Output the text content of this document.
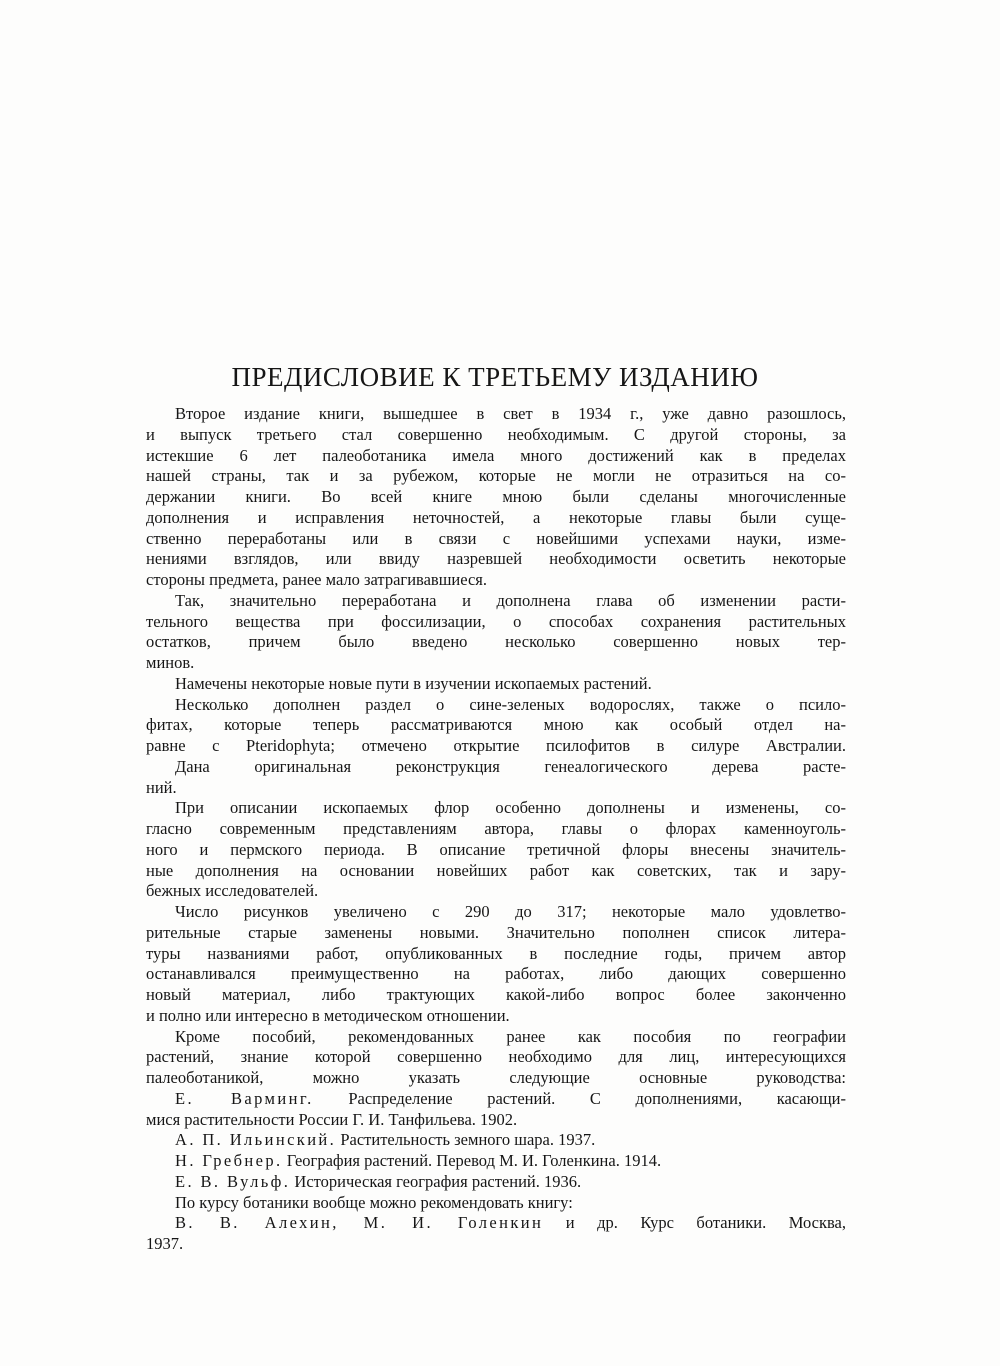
ПРЕДИСЛОВИЕ К ТРЕТЬЕМУ ИЗДАНИЮ
Второе издание книги, вышедшее в свет в 1934 г., уже давно разошлось,
и выпуск третьего стал совершенно необходимым. С другой стороны, за
истекшие 6 лет палеоботаника имела много достижений как в пределах
нашей страны, так и за рубежом, которые не могли не отразиться на со-
держании книги. Во всей книге мною были сделаны многочисленные
дополнения и исправления неточностей, а некоторые главы были суще-
ственно переработаны или в связи с новейшими успехами науки, изме-
нениями взглядов, или ввиду назревшей необходимости осветить некоторые
стороны предмета, ранее мало затрагивавшиеся.
Так, значительно переработана и дополнена глава об изменении расти-
тельного вещества при фоссилизации, о способах сохранения растительных
остатков, причем было введено несколько совершенно новых тер-
минов.
Намечены некоторые новые пути в изучении ископаемых растений.
Несколько дополнен раздел о сине-зеленых водорослях, также о псило-
фитах, которые теперь рассматриваются мною как особый отдел на-
равне с Pteridophyta; отмечено открытие псилофитов в силуре Австралии.
Дана оригинальная реконструкция генеалогического дерева расте-
ний.
При описании ископаемых флор особенно дополнены и изменены, со-
гласно современным представлениям автора, главы о флорах каменноуголь-
ного и пермского периода. В описание третичной флоры внесены значитель-
ные дополнения на основании новейших работ как советских, так и зару-
бежных исследователей.
Число рисунков увеличено с 290 до 317; некоторые мало удовлетво-
рительные старые заменены новыми. Значительно пополнен список литера-
туры названиями работ, опубликованных в последние годы, причем автор
останавливался преимущественно на работах, либо дающих совершенно
новый материал, либо трактующих какой-либо вопрос более законченно
и полно или интересно в методическом отношении.
Кроме пособий, рекомендованных ранее как пособия по географии
растений, знание которой совершенно необходимо для лиц, интересующихся
палеоботаникой, можно указать следующие основные руководства:
Е. Варминг. Распределение растений. С дополнениями, касающи-
мися растительности России Г. И. Танфильева. 1902.
А. П. Ильинский. Растительность земного шара. 1937.
Н. Гребнер. География растений. Перевод М. И. Голенкина. 1914.
Е. В. Вульф. Историческая география растений. 1936.
По курсу ботаники вообще можно рекомендовать книгу:
В. В. Алехин, М. И. Голенкин и др. Курс ботаники. Москва,
1937.
